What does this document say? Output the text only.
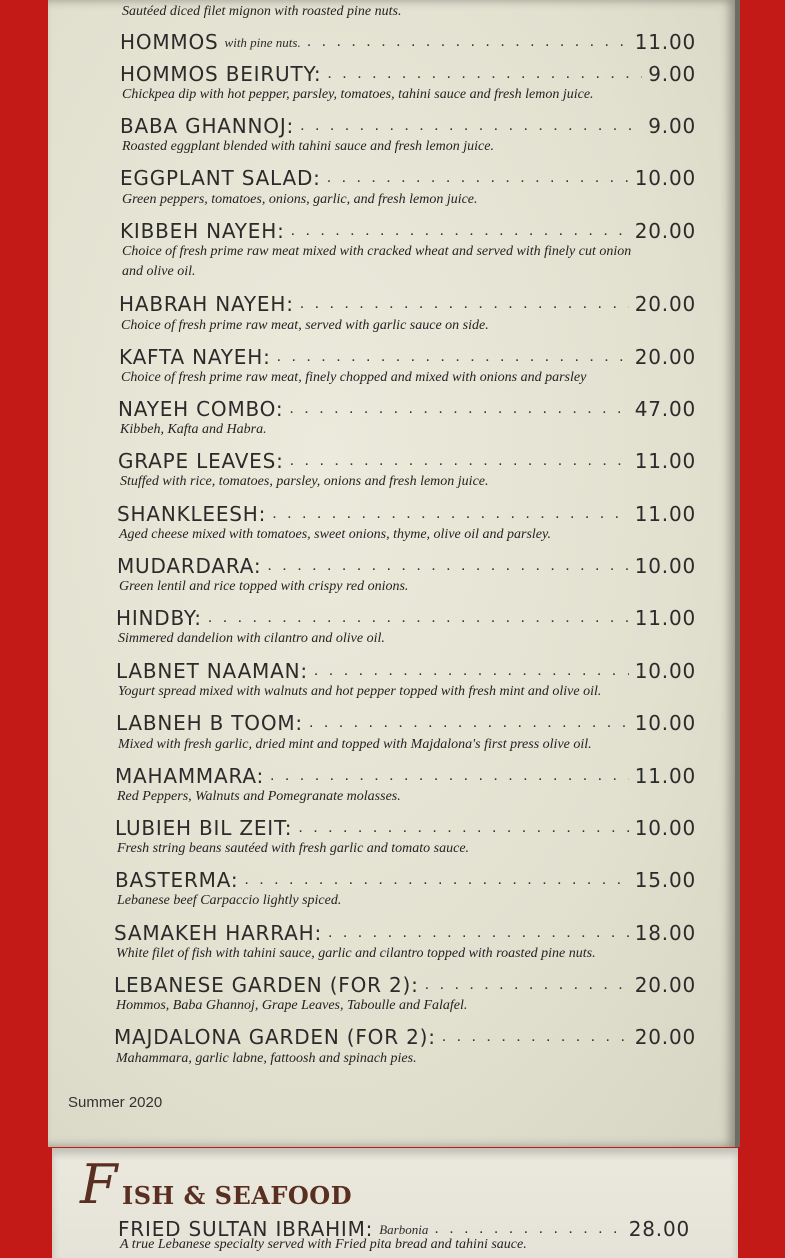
Sautéed diced filet mignon with roasted pine nuts.
HOMMOS with pine nuts. . . .	11.00
HOMMOS BEIRUTY: . . .	9.00
Chickpea dip with hot pepper, parsley, tomatoes, tahini sauce and fresh lemon juice.
BABA GHANNOJ: . . .	9.00
Roasted eggplant blended with tahini sauce and fresh lemon juice.
EGGPLANT SALAD: . . .	10.00
Green peppers, tomatoes, onions, garlic, and fresh lemon juice.
KIBBEH NAYEH: . . .	20.00
Choice of fresh prime raw meat mixed with cracked wheat and served with finely cut onion and olive oil.
HABRAH NAYEH: . . .	20.00
Choice of fresh prime raw meat, served with garlic sauce on side.
KAFTA NAYEH: . . .	20.00
Choice of fresh prime raw meat, finely chopped and mixed with onions and parsley
NAYEH COMBO: . . .	47.00
Kibbeh, Kafta and Habra.
GRAPE LEAVES: . . .	11.00
Stuffed with rice, tomatoes, parsley, onions and fresh lemon juice.
SHANKLEESH: . . .	11.00
Aged cheese mixed with tomatoes, sweet onions, thyme, olive oil and parsley.
MUDARDARA: . . .	10.00
Green lentil and rice topped with crispy red onions.
HINDBY: . . .	11.00
Simmered dandelion with cilantro and olive oil.
LABNET NAAMAN: . . .	10.00
Yogurt spread mixed with walnuts and hot pepper topped with fresh mint and olive oil.
LABNEH B TOOM: . . .	10.00
Mixed with fresh garlic, dried mint and topped with Majdalona's first press olive oil.
MAHAMMARA: . . .	11.00
Red Peppers, Walnuts and Pomegranate molasses.
LUBIEH BIL ZEIT: . . .	10.00
Fresh string beans sautéed with fresh garlic and tomato sauce.
BASTERMA: . . .	15.00
Lebanese beef Carpaccio lightly spiced.
SAMAKEH HARRAH: . . .	18.00
White filet of fish with tahini sauce, garlic and cilantro topped with roasted pine nuts.
LEBANESE GARDEN (FOR 2): . . .	20.00
Hommos, Baba Ghannoj, Grape Leaves, Taboulle and Falafel.
MAJDALONA GARDEN (FOR 2): . . .	20.00
Mahammara, garlic labne, fattoosh and spinach pies.
Summer 2020
F ISH & SEAFOOD
FRIED SULTAN IBRAHIM: Barbonia . . .	28.00
A true Lebanese specialty served with Fried pita bread and tahini sauce.
